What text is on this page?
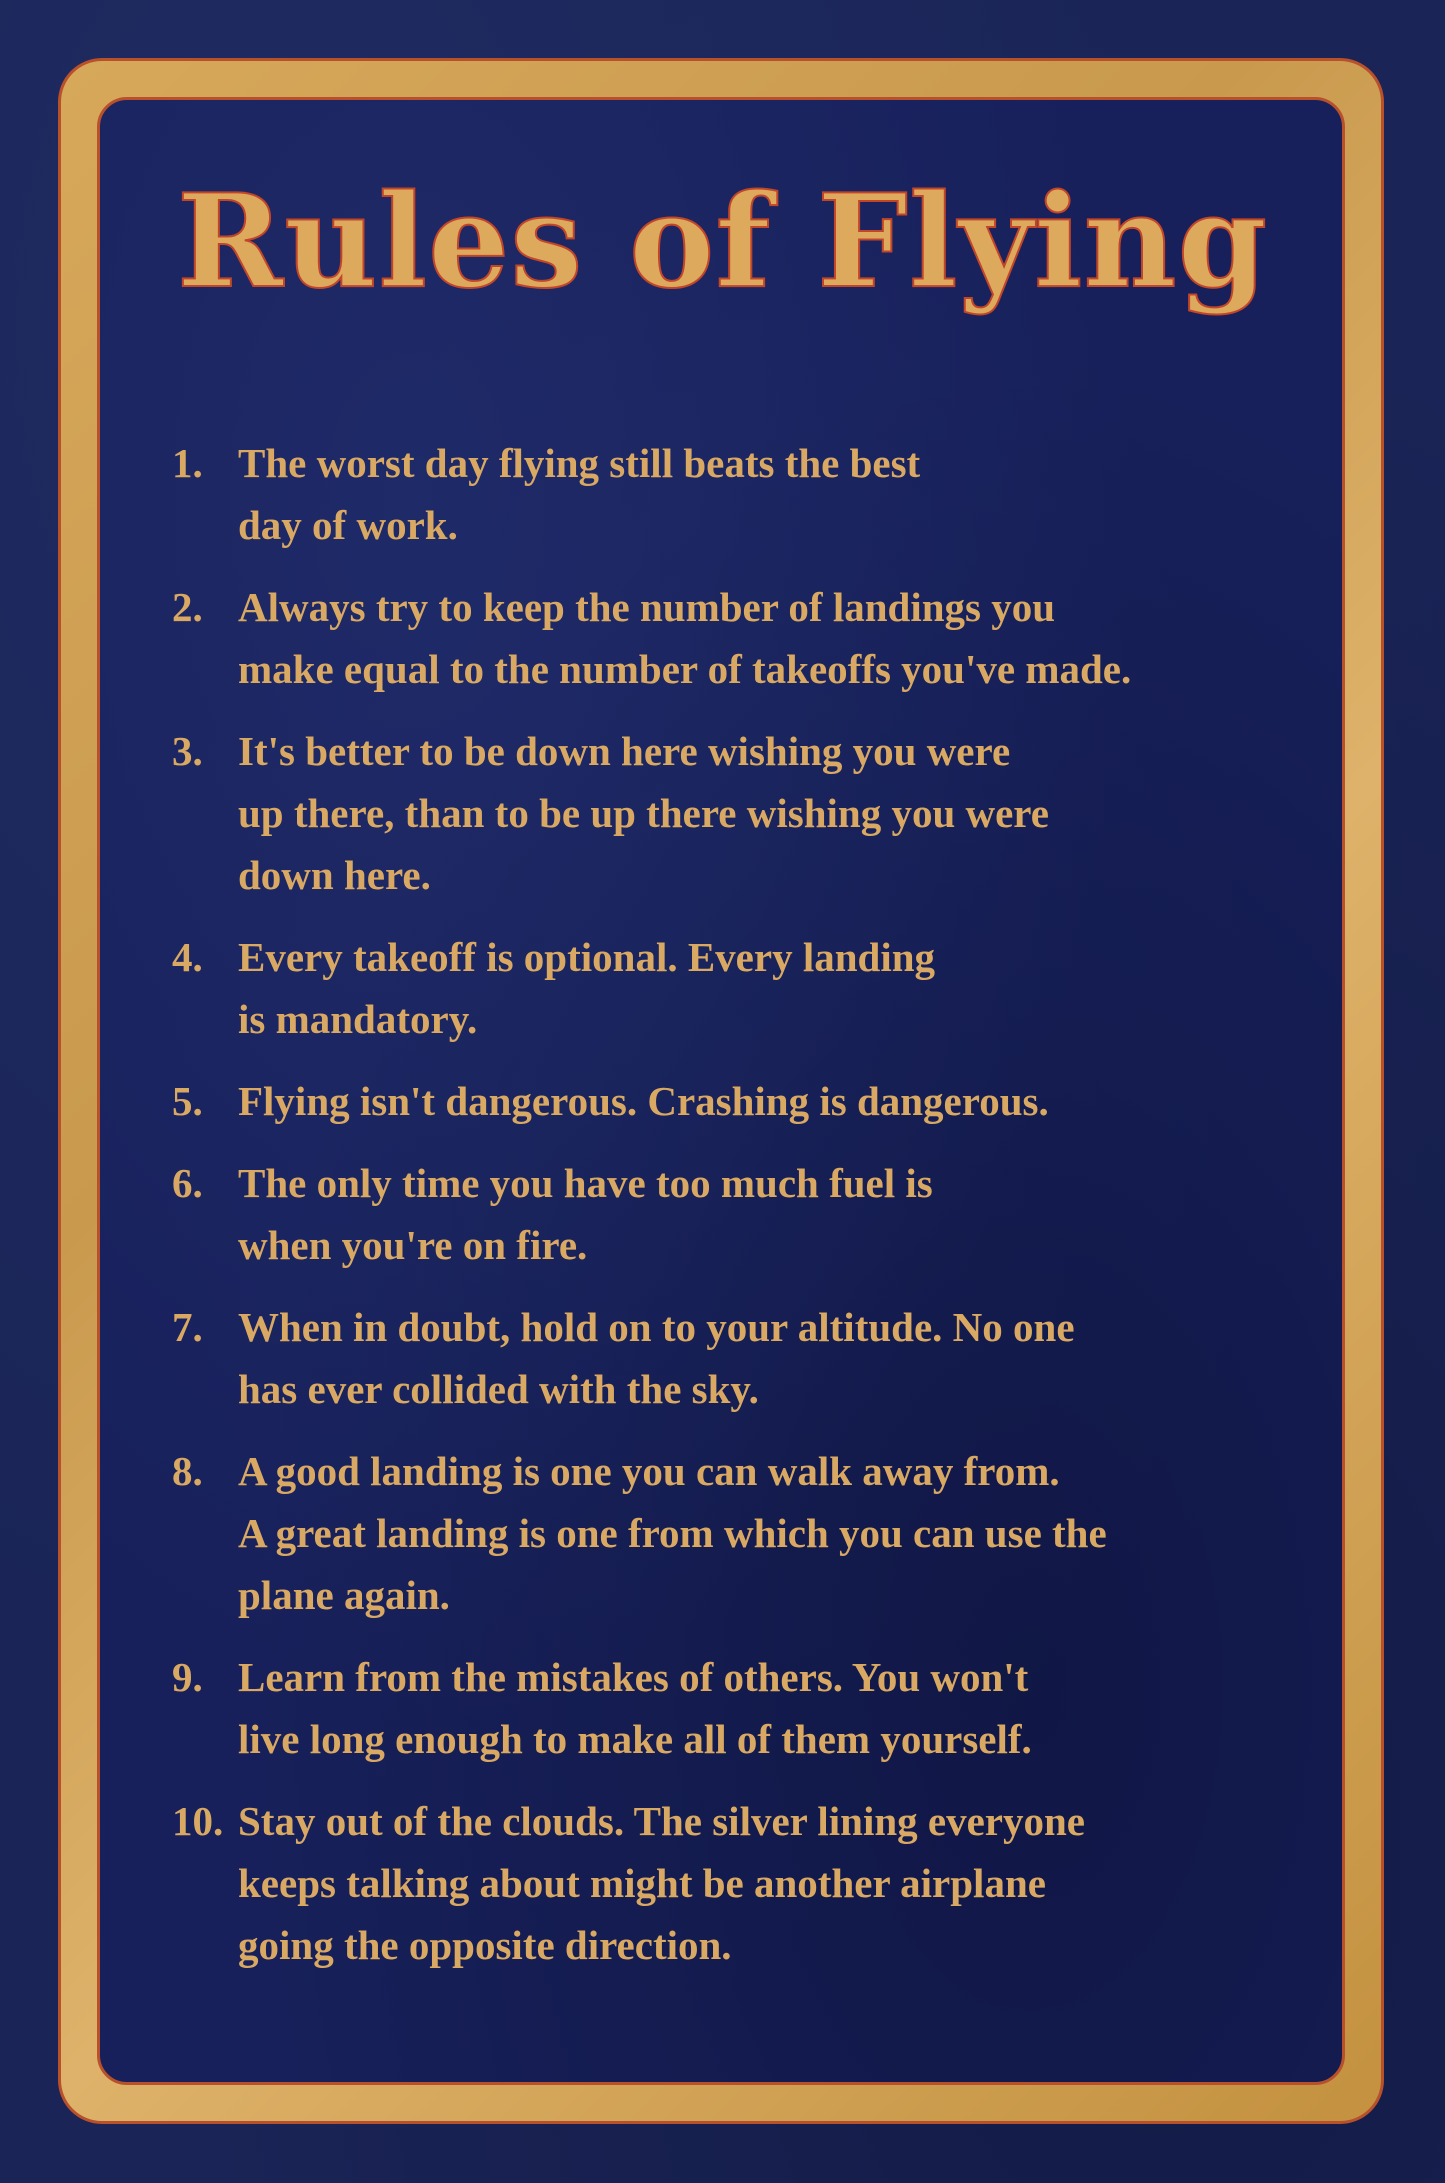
Rules of Flying
1. The worst day flying still beats the best
day of work.
2. Always try to keep the number of landings you
make equal to the number of takeoffs you've made.
3. It's better to be down here wishing you were
up there, than to be up there wishing you were
down here.
4. Every takeoff is optional. Every landing
is mandatory.
5. Flying isn't dangerous. Crashing is dangerous.
6. The only time you have too much fuel is
when you're on fire.
7. When in doubt, hold on to your altitude. No one
has ever collided with the sky.
8. A good landing is one you can walk away from.
A great landing is one from which you can use the
plane again.
9. Learn from the mistakes of others. You won't
live long enough to make all of them yourself.
10. Stay out of the clouds. The silver lining everyone
keeps talking about might be another airplane
going the opposite direction.
